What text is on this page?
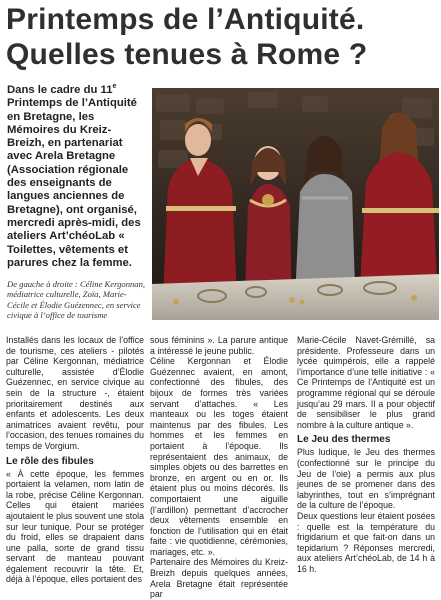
Printemps de l’Antiquité.
Quelles tenues à Rome ?
Dans le cadre du 11e Printemps de l’Antiquité en Bretagne, les Mémoires du Kreiz-Breizh, en partenariat avec Arela Bretagne (Association régionale des enseignants de langues anciennes de Bretagne), ont organisé, mercredi après-midi, des ateliers Art’chéoLab « Toilettes, vêtements et parures chez la femme.
De gauche à droite : Céline Kergonnan, médiatrice culturelle, Zoïa, Marie-Cécile et Élodie Guézennec, en service civique à l’office de tourisme

Installés dans les locaux de l’office de tourisme, ces ateliers - pilotés par Céline Kergonnan, médiatrice culturelle, assistée d’Élodie Guézennec, en service civique au sein de la structure -, étaient prioritairement destinés aux enfants et adolescents. Les deux animatrices avaient revêtu, pour l’occasion, des tenues romaines du temps de Vorgium.

Le rôle des fibules

« À cette époque, les femmes portaient la velamen, nom latin de la robe, précise Céline Kergonnan. Celles qui étaient mariées ajoutaient le plus souvent une stola sur leur tunique. Pour se protéger du froid, elles se drapaient dans une palla, sorte de grand tissu servant de manteau pouvant également recouvrir la tête. Et, déjà à l’époque, elles portaient des

sous féminins ». La parure antique a intéressé le jeune public.

Céline Kergonnan et Élodie Guézennec avaient, en amont, confectionné des fibules, des bijoux de formes très variées servant d’attaches. « Les manteaux ou les toges étaient maintenus par des fibules. Les hommes et les femmes en portaient à l’époque. Ils représentaient des animaux, de simples objets ou des barrettes en bronze, en argent ou en or. Ils étaient plus ou moins décorés. Ils comportaient une aiguille (l’ardillon) permettant d’accrocher deux vêtements ensemble en fonction de l’utilisation qui en était faite : vie quotidienne, cérémonies, mariages, etc. ».

Partenaire des Mémoires du Kreiz-Breizh depuis quelques années, Arela Bretagne était représentée par

Marie-Cécile Navet-Grémillé, sa présidente. Professeure dans un lycée quimpérois, elle a rappelé l’importance d’une telle initiative : « Ce Printemps de l’Antiquité est un programme régional qui se déroule jusqu’au 29 mars. Il a pour objectif de sensibiliser le plus grand nombre à la culture antique ».

Le Jeu des thermes

Plus ludique, le Jeu des thermes (confectionné sur le principe du Jeu de l’oie) a permis aux plus jeunes de se promener dans des labyrinthes, tout en s’imprégnant de la culture de l’époque.

Deux questions leur étaient posées : quelle est la température du frigidarium et que fait-on dans un tepidarium ? Réponses mercredi, aux ateliers Art’chéoLab, de 14 h à 16 h.
